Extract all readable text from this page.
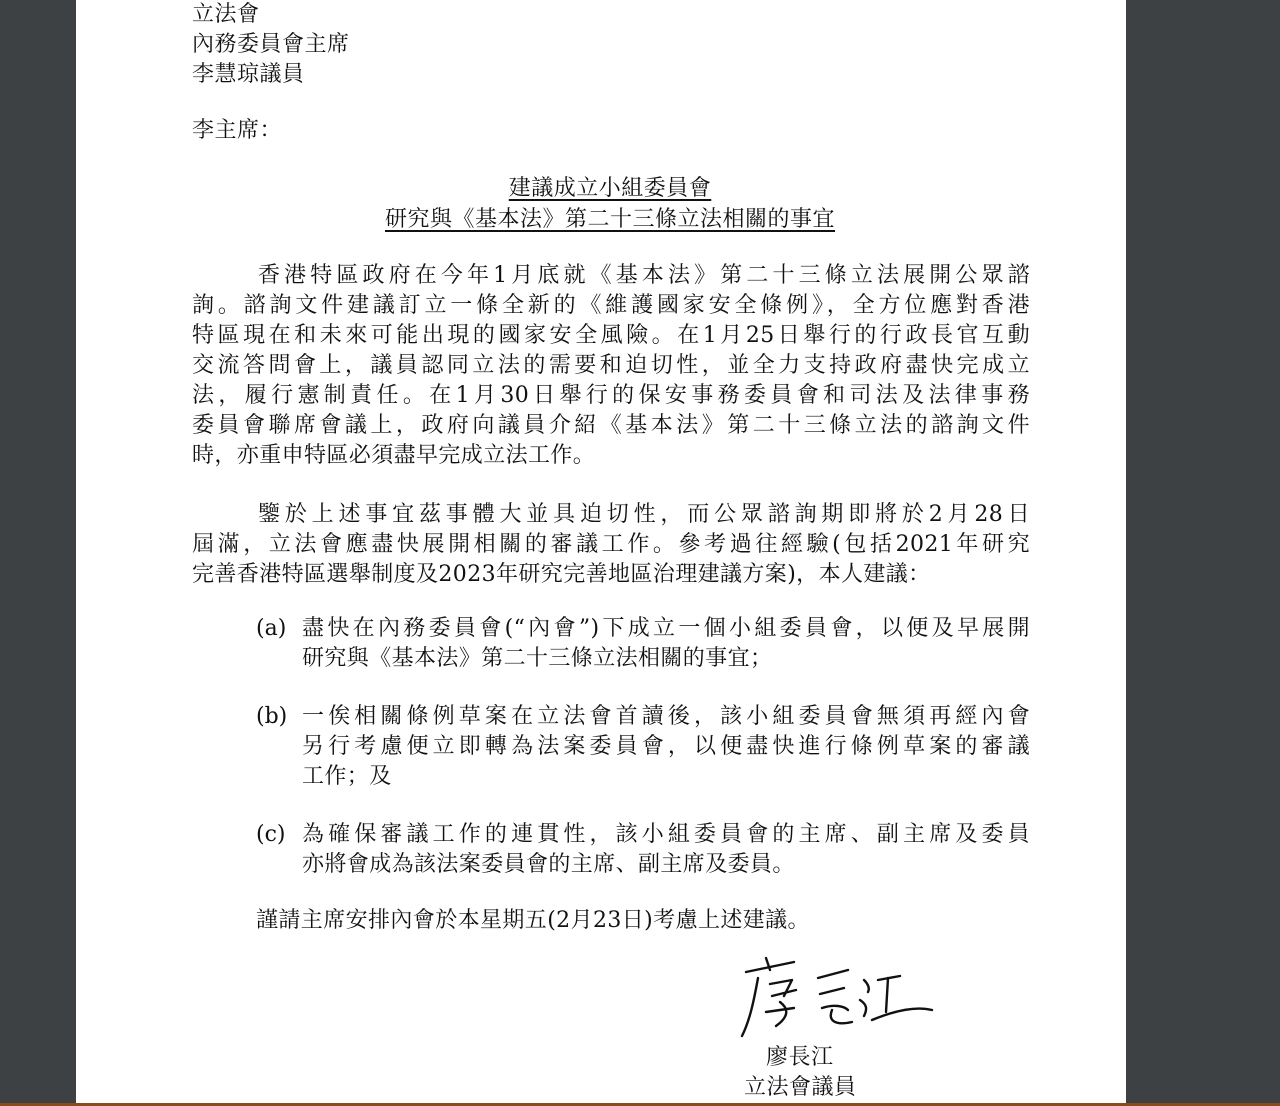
立法會
內務委員會主席
李慧琼議員
李主席：
建議成立小組委員會
研究與《基本法》第二十三條立法相關的事宜
香港特區政府在今年1月底就《基本法》第二十三條立法展開公眾諮
詢。諮詢文件建議訂立一條全新的《維護國家安全條例》，全方位應對香港
特區現在和未來可能出現的國家安全風險。在1月25日舉行的行政長官互動
交流答問會上，議員認同立法的需要和迫切性，並全力支持政府盡快完成立
法，履行憲制責任。在1月30日舉行的保安事務委員會和司法及法律事務
委員會聯席會議上，政府向議員介紹《基本法》第二十三條立法的諮詢文件
時，亦重申特區必須盡早完成立法工作。
鑒於上述事宜茲事體大並具迫切性，而公眾諮詢期即將於2月28日
屆滿，立法會應盡快展開相關的審議工作。參考過往經驗(包括2021年研究
完善香港特區選舉制度及2023年研究完善地區治理建議方案)，本人建議：
(a) 盡快在內務委員會(“內會”)下成立一個小組委員會，以便及早展開
研究與《基本法》第二十三條立法相關的事宜；
(b) 一俟相關條例草案在立法會首讀後，該小組委員會無須再經內會
另行考慮便立即轉為法案委員會，以便盡快進行條例草案的審議
工作；及
(c) 為確保審議工作的連貫性，該小組委員會的主席、副主席及委員
亦將會成為該法案委員會的主席、副主席及委員。
謹請主席安排內會於本星期五(2月23日)考慮上述建議。
廖長江
立法會議員
